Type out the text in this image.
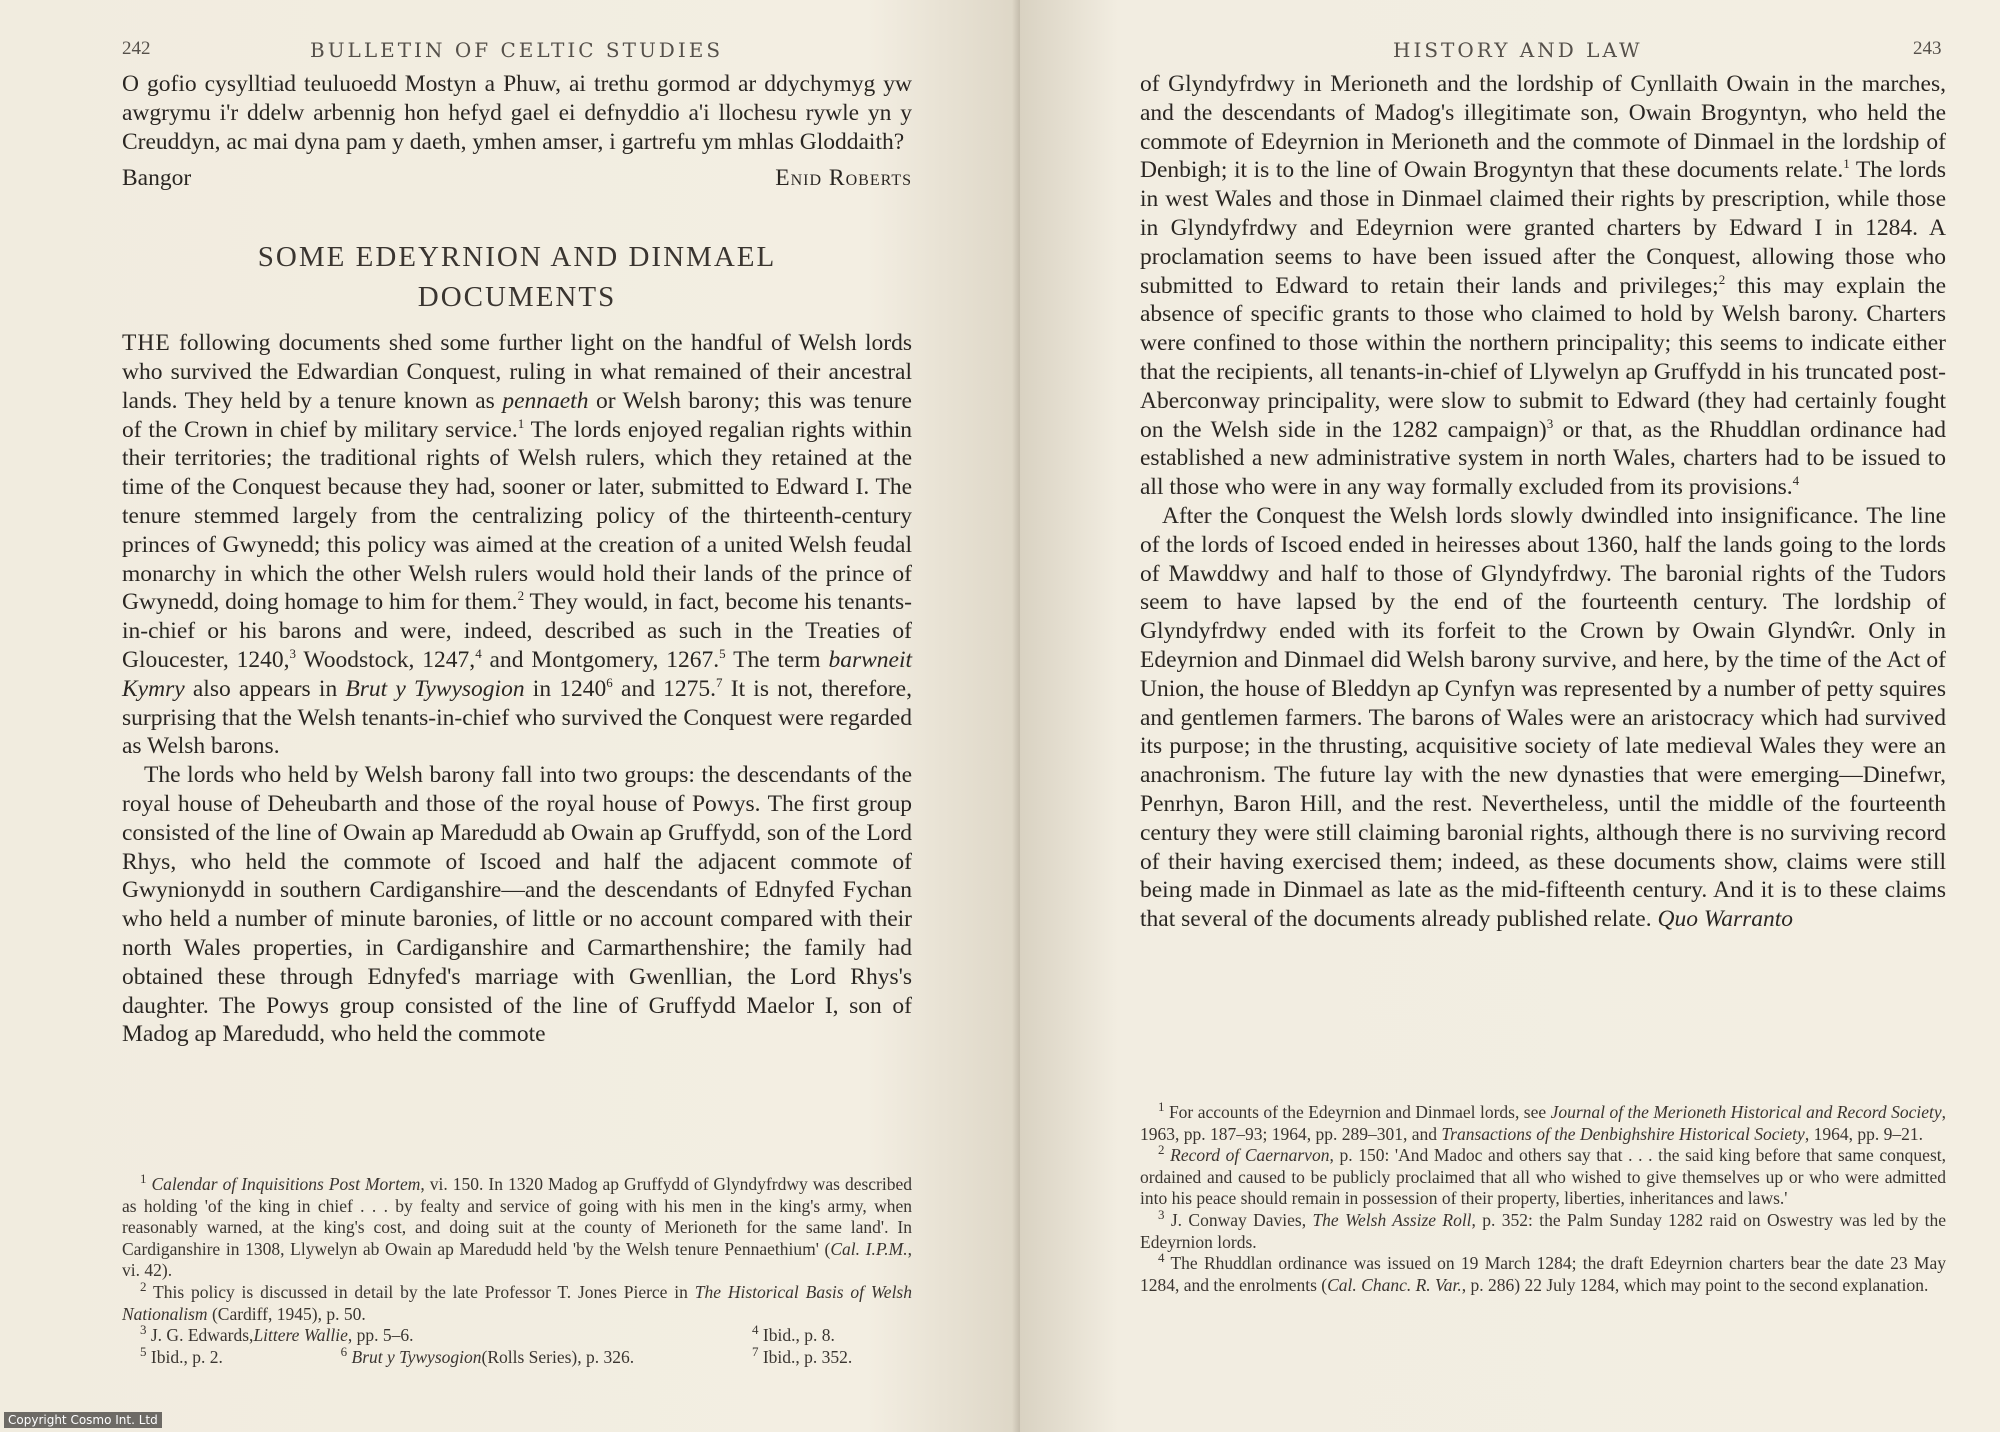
242	BULLETIN OF CELTIC STUDIES

O gofio cysylltiad teuluoedd Mostyn a Phuw, ai trethu gormod ar ddychymyg yw awgrymu i'r ddelw arbennig hon hefyd gael ei defnyddio a'i llochesu rywle yn y Creuddyn, ac mai dyna pam y daeth, ymhen amser, i gartrefu ym mhlas Gloddaith?

Bangor	Enid Roberts
SOME EDEYRNION AND DINMAEL
DOCUMENTS

THE following documents shed some further light on the handful of Welsh lords who survived the Edwardian Conquest, ruling in what remained of their ancestral lands. They held by a tenure known as pennaeth or Welsh barony; this was tenure of the Crown in chief by military service.$^1$ The lords enjoyed regalian rights within their territories; the traditional rights of Welsh rulers, which they retained at the time of the Conquest because they had, sooner or later, submitted to Edward I. The tenure stemmed largely from the centralizing policy of the thirteenth-century princes of Gwynedd; this policy was aimed at the creation of a united Welsh feudal monarchy in which the other Welsh rulers would hold their lands of the prince of Gwynedd, doing homage to him for them.$^2$ They would, in fact, become his tenants-in-chief or his barons and were, indeed, described as such in the Treaties of Gloucester, 1240,$^3$ Woodstock, 1247,$^4$ and Montgomery, 1267.$^5$ The term barwneit Kymry also appears in Brut y Tywysogion in 1240$^6$ and 1275.$^7$ It is not, therefore, surprising that the Welsh tenants-in-chief who survived the Conquest were regarded as Welsh barons.

The lords who held by Welsh barony fall into two groups: the descendants of the royal house of Deheubarth and those of the royal house of Powys. The first group consisted of the line of Owain ap Maredudd ab Owain ap Gruffydd, son of the Lord Rhys, who held the commote of Iscoed and half the adjacent commote of Gwynionydd in southern Cardiganshire—and the descendants of Ednyfed Fychan who held a number of minute baronies, of little or no account compared with their north Wales properties, in Cardiganshire and Carmarthenshire; the family had obtained these through Ednyfed's marriage with Gwenllian, the Lord Rhys's daughter. The Powys group consisted of the line of Gruffydd Maelor I, son of Madog ap Maredudd, who held the commote

$^1$ Calendar of Inquisitions Post Mortem, vi. 150. In 1320 Madog ap Gruffydd of Glyndyfrdwy was described as holding 'of the king in chief . . . by fealty and service of going with his men in the king's army, when reasonably warned, at the king's cost, and doing suit at the county of Merioneth for the same land'. In Cardiganshire in 1308, Llywelyn ab Owain ap Maredudd held 'by the Welsh tenure Pennaethium' (Cal. I.P.M., vi. 42).

$^2$ This policy is discussed in detail by the late Professor T. Jones Pierce in The Historical Basis of Welsh Nationalism (Cardiff, 1945), p. 50.

$^3$ J. G. Edwards,Littere Wallie, pp. 5–6.	$^4$ Ibid., p. 8.
$^5$ Ibid., p. 2.	$^6$ Brut y Tywysogion(Rolls Series), p. 326.	$^7$ Ibid., p. 352.
Copyright Cosmo Int. Ltd
HISTORY AND LAW	243

of Glyndyfrdwy in Merioneth and the lordship of Cynllaith Owain in the marches, and the descendants of Madog's illegitimate son, Owain Brogyntyn, who held the commote of Edeyrnion in Merioneth and the commote of Dinmael in the lordship of Denbigh; it is to the line of Owain Brogyntyn that these documents relate.$^1$ The lords in west Wales and those in Dinmael claimed their rights by prescription, while those in Glyndyfrdwy and Edeyrnion were granted charters by Edward I in 1284. A proclamation seems to have been issued after the Conquest, allowing those who submitted to Edward to retain their lands and privileges;$^2$ this may explain the absence of specific grants to those who claimed to hold by Welsh barony. Charters were confined to those within the northern principality; this seems to indicate either that the recipients, all tenants-in-chief of Llywelyn ap Gruffydd in his truncated post-Aberconway principality, were slow to submit to Edward (they had certainly fought on the Welsh side in the 1282 campaign)$^3$ or that, as the Rhuddlan ordinance had established a new administrative system in north Wales, charters had to be issued to all those who were in any way formally excluded from its provisions.$^4$

After the Conquest the Welsh lords slowly dwindled into insignificance. The line of the lords of Iscoed ended in heiresses about 1360, half the lands going to the lords of Mawddwy and half to those of Glyndyfrdwy. The baronial rights of the Tudors seem to have lapsed by the end of the fourteenth century. The lordship of Glyndyfrdwy ended with its forfeit to the Crown by Owain Glyndŵr. Only in Edeyrnion and Dinmael did Welsh barony survive, and here, by the time of the Act of Union, the house of Bleddyn ap Cynfyn was represented by a number of petty squires and gentlemen farmers. The barons of Wales were an aristocracy which had survived its purpose; in the thrusting, acquisitive society of late medieval Wales they were an anachronism. The future lay with the new dynasties that were emerging—Dinefwr, Penrhyn, Baron Hill, and the rest. Nevertheless, until the middle of the fourteenth century they were still claiming baronial rights, although there is no surviving record of their having exercised them; indeed, as these documents show, claims were still being made in Dinmael as late as the mid-fifteenth century. And it is to these claims that several of the documents already published relate. Quo Warranto

$^1$ For accounts of the Edeyrnion and Dinmael lords, see Journal of the Merioneth Historical and Record Society, 1963, pp. 187–93; 1964, pp. 289–301, and Transactions of the Denbighshire Historical Society, 1964, pp. 9–21.

$^2$ Record of Caernarvon, p. 150: 'And Madoc and others say that . . . the said king before that same conquest, ordained and caused to be publicly proclaimed that all who wished to give themselves up or who were admitted into his peace should remain in possession of their property, liberties, inheritances and laws.'

$^3$ J. Conway Davies, The Welsh Assize Roll, p. 352: the Palm Sunday 1282 raid on Oswestry was led by the Edeyrnion lords.

$^4$ The Rhuddlan ordinance was issued on 19 March 1284; the draft Edeyrnion charters bear the date 23 May 1284, and the enrolments (Cal. Chanc. R. Var., p. 286) 22 July 1284, which may point to the second explanation.
